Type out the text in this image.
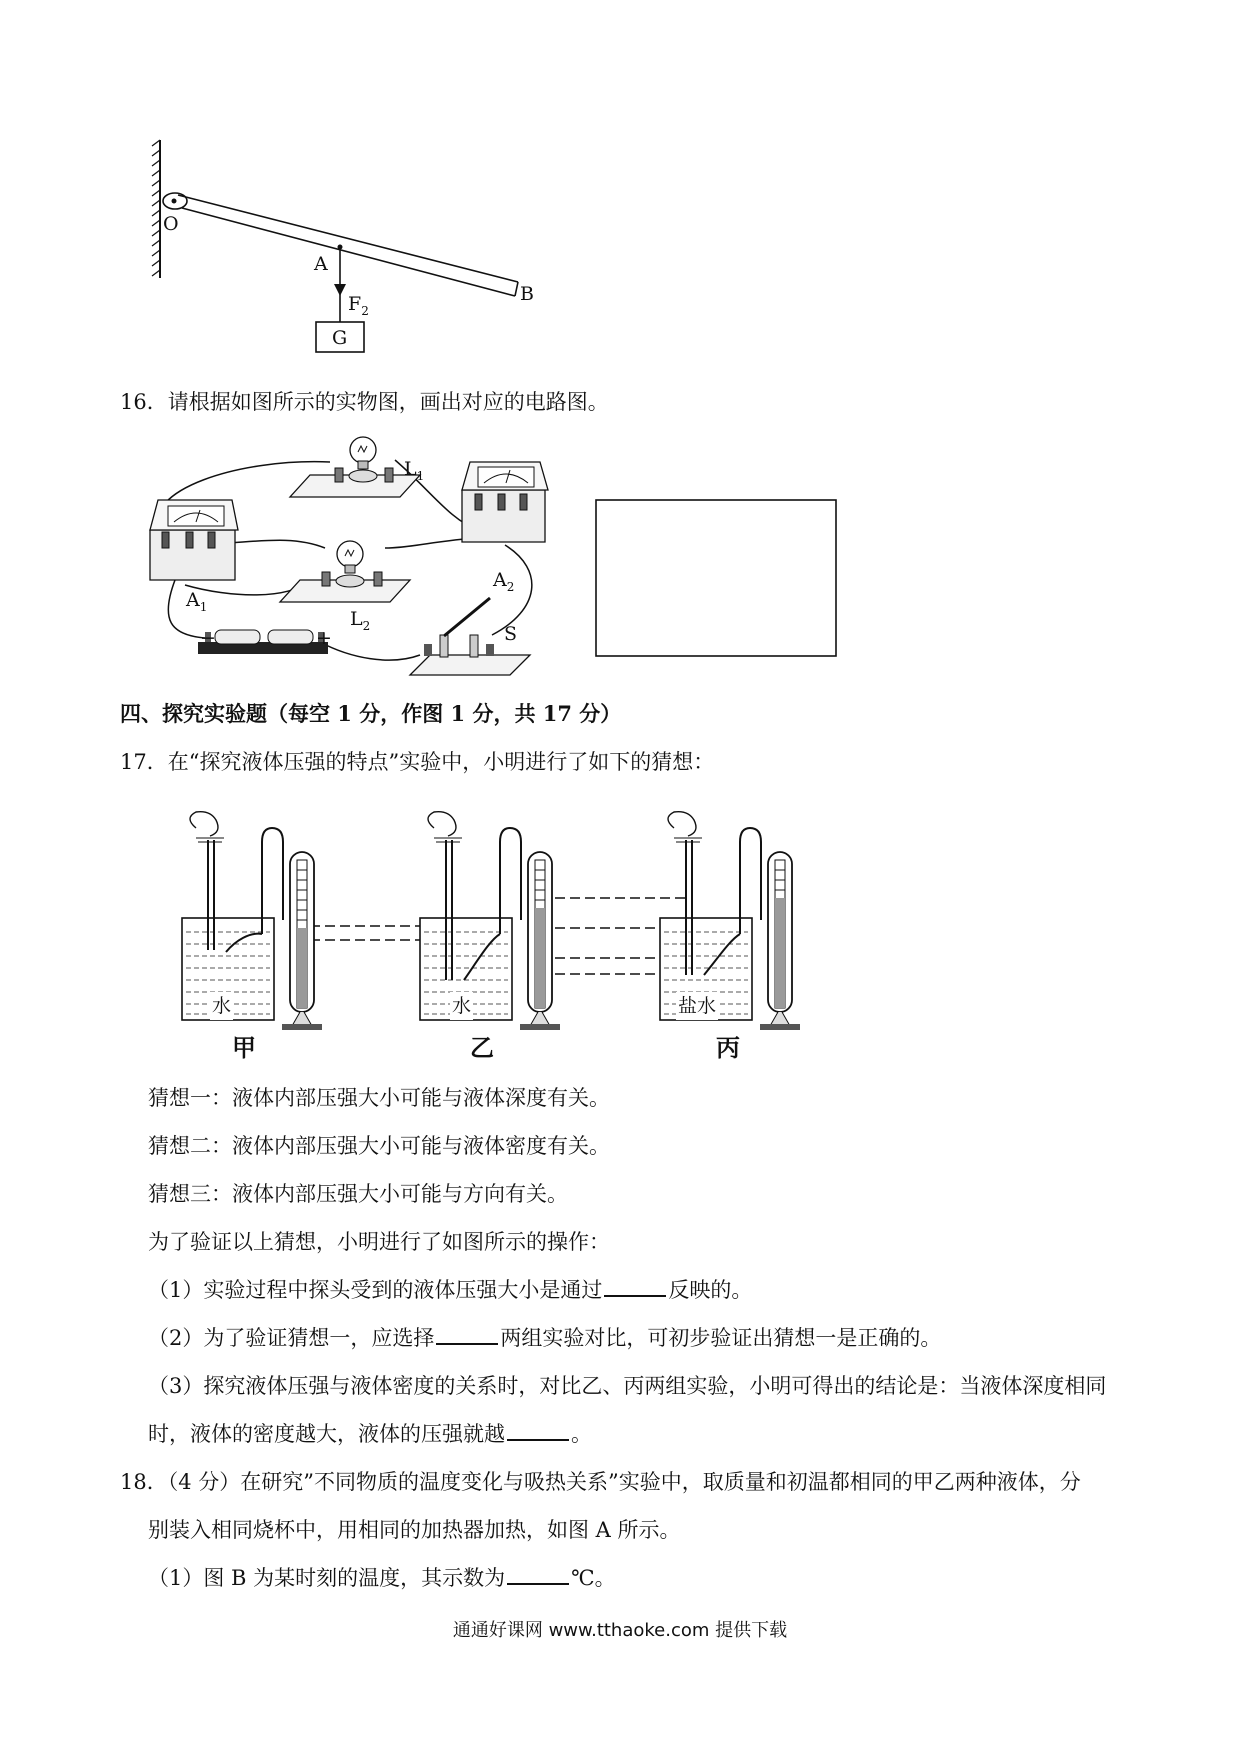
O
A
B
$F_2$
G
16．请根据如图所示的实物图，画出对应的电路图。
$L_1$
$L_2$
$A_1$
$A_2$
S
−	+
四、探究实验题（每空 1 分，作图 1 分，共 17 分）
17．在“探究液体压强的特点”实验中，小明进行了如下的猜想：
水	水	盐水
甲	乙	丙
猜想一：液体内部压强大小可能与液体深度有关。
猜想二：液体内部压强大小可能与液体密度有关。
猜想三：液体内部压强大小可能与方向有关。
为了验证以上猜想，小明进行了如图所示的操作：
（1）实验过程中探头受到的液体压强大小是通过	反映的。
（2）为了验证猜想一，应选择	两组实验对比，可初步验证出猜想一是正确的。
（3）探究液体压强与液体密度的关系时，对比乙、丙两组实验，小明可得出的结论是：当液体深度相同
时，液体的密度越大，液体的压强就越	。
18．（4 分）在研究”不同物质的温度变化与吸热关系”实验中，取质量和初温都相同的甲乙两种液体，分
别装入相同烧杯中，用相同的加热器加热，如图 A 所示。
（1）图 B 为某时刻的温度，其示数为	℃。
通通好课网 www.tthaoke.com 提供下载
